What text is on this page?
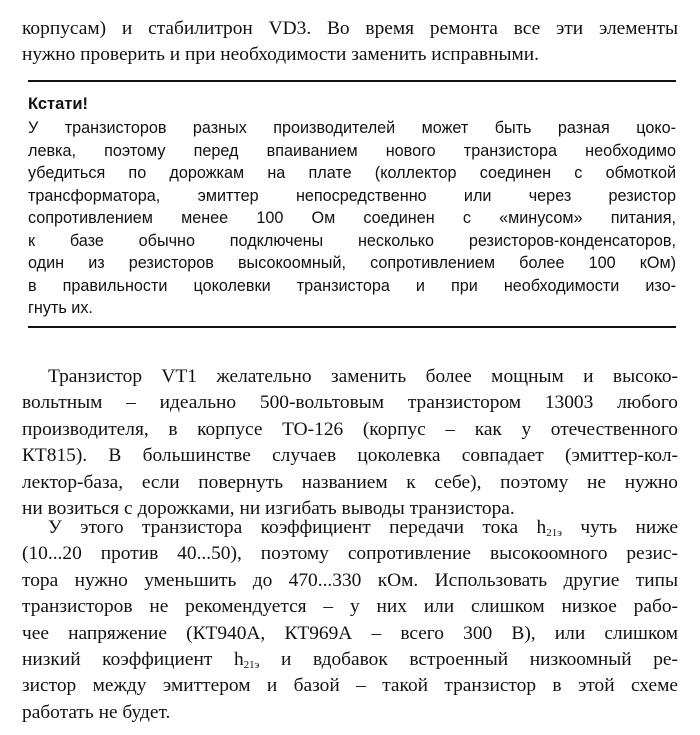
корпусам) и стабилитрон VD3. Во время ремонта все эти элементы
нужно проверить и при необходимости заменить исправными.

Кстати!

У транзисторов разных производителей может быть разная цоко-
левка, поэтому перед впаиванием нового транзистора необходимо
убедиться по дорожкам на плате (коллектор соединен с обмоткой
трансформатора, эмиттер непосредственно или через резистор
сопротивлением менее 100 Ом соединен с «минусом» питания,
к базе обычно подключены несколько резисторов-конденсаторов,
один из резисторов высокоомный, сопротивлением более 100 кОм)
в правильности цоколевки транзистора и при необходимости изо-
гнуть их.

Транзистор VT1 желательно заменить более мощным и высоко-
вольтным – идеально 500-вольтовым транзистором 13003 любого
производителя, в корпусе ТО-126 (корпус – как у отечественного
КТ815). В большинстве случаев цоколевка совпадает (эмиттер-кол-
лектор-база, если повернуть названием к себе), поэтому не нужно
ни возиться с дорожками, ни изгибать выводы транзистора.

У этого транзистора коэффициент передачи тока $h_{21э}$ чуть ниже
(10...20 против 40...50), поэтому сопротивление высокоомного резис-
тора нужно уменьшить до 470...330 кОм. Использовать другие типы
транзисторов не рекомендуется – у них или слишком низкое рабо-
чее напряжение (КТ940А, КТ969А – всего 300 В), или слишком
низкий коэффициент $h_{21э}$ и вдобавок встроенный низкоомный ре-
зистор между эмиттером и базой – такой транзистор в этой схеме
работать не будет.
